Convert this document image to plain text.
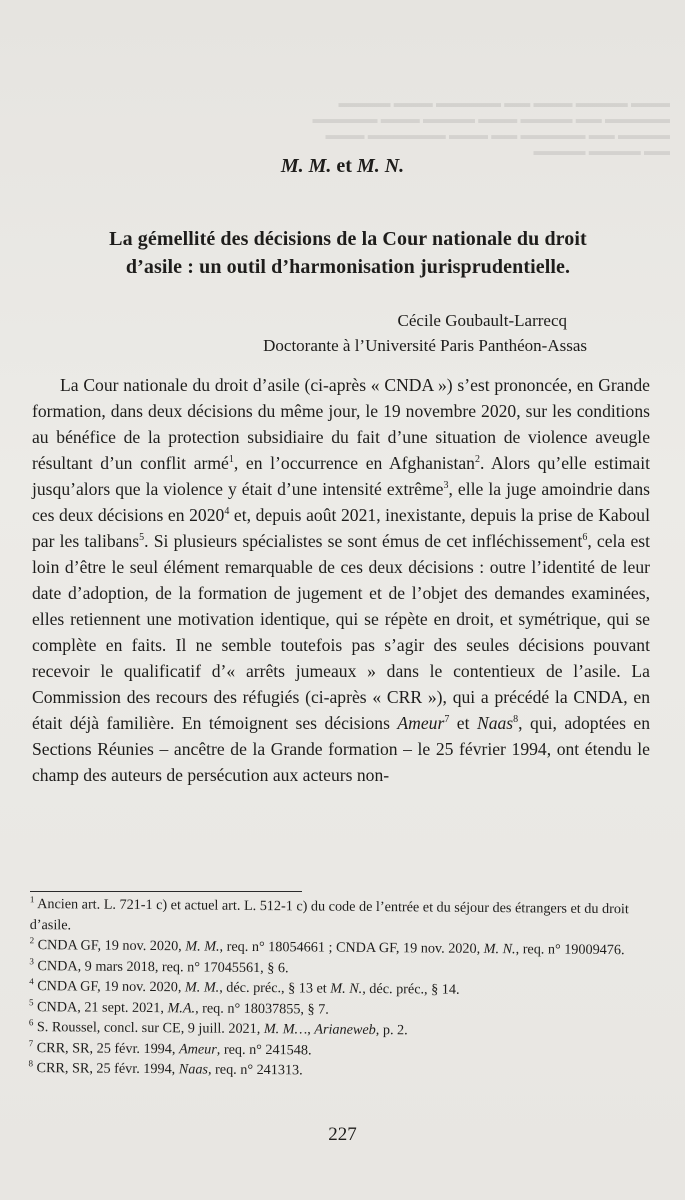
▬▬▬ ▬▬▬▬ ▬▬▬ ▬▬ ▬▬▬▬▬ ▬▬▬ ▬▬▬▬ ▬▬▬▬▬ ▬▬ ▬▬▬▬ ▬▬▬ ▬▬▬▬ ▬▬▬ ▬▬▬▬▬ ▬▬▬▬ ▬▬ ▬▬▬▬▬ ▬▬ ▬▬▬ ▬▬▬▬▬▬ ▬▬▬ ▬▬ ▬▬▬▬ ▬▬▬▬
M. M. et M. N.
La gémellité des décisions de la Cour nationale du droit
d’asile : un outil d’harmonisation jurisprudentielle.
Cécile Goubault-Larrecq
Doctorante à l’Université Paris Panthéon-Assas

La Cour nationale du droit d’asile (ci-après « CNDA ») s’est prononcée, en Grande formation, dans deux décisions du même jour, le 19 novembre 2020, sur les conditions au bénéfice de la protection subsidiaire du fait d’une situation de violence aveugle résultant d’un conflit armé$^1$, en l’occurrence en Afghanistan$^2$. Alors qu’elle estimait jusqu’alors que la violence y était d’une intensité extrême$^3$, elle la juge amoindrie dans ces deux décisions en 2020$^4$ et, depuis août 2021, inexistante, depuis la prise de Kaboul par les talibans$^5$. Si plusieurs spécialistes se sont émus de cet infléchissement$^6$, cela est loin d’être le seul élément remarquable de ces deux décisions : outre l’identité de leur date d’adoption, de la formation de jugement et de l’objet des demandes examinées, elles retiennent une motivation identique, qui se répète en droit, et symétrique, qui se complète en faits. Il ne semble toutefois pas s’agir des seules décisions pouvant recevoir le qualificatif d’« arrêts jumeaux » dans le contentieux de l’asile. La Commission des recours des réfugiés (ci-après « CRR »), qui a précédé la CNDA, en était déjà familière. En témoignent ses décisions Ameur$^7$ et Naas$^8$, qui, adoptées en Sections Réunies – ancêtre de la Grande formation – le 25 février 1994, ont étendu le champ des auteurs de persécution aux acteurs non-

$^1$ Ancien art. L. 721-1 c) et actuel art. L. 512-1 c) du code de l’entrée et du séjour des étrangers et du droit d’asile.

$^2$ CNDA GF, 19 nov. 2020, M. M., req. n° 18054661 ; CNDA GF, 19 nov. 2020, M. N., req. n° 19009476.

$^3$ CNDA, 9 mars 2018, req. n° 17045561, § 6.

$^4$ CNDA GF, 19 nov. 2020, M. M., déc. préc., § 13 et M. N., déc. préc., § 14.

$^5$ CNDA, 21 sept. 2021, M.A., req. n° 18037855, § 7.

$^6$ S. Roussel, concl. sur CE, 9 juill. 2021, M. M…, Arianeweb, p. 2.

$^7$ CRR, SR, 25 févr. 1994, Ameur, req. n° 241548.

$^8$ CRR, SR, 25 févr. 1994, Naas, req. n° 241313.

227
